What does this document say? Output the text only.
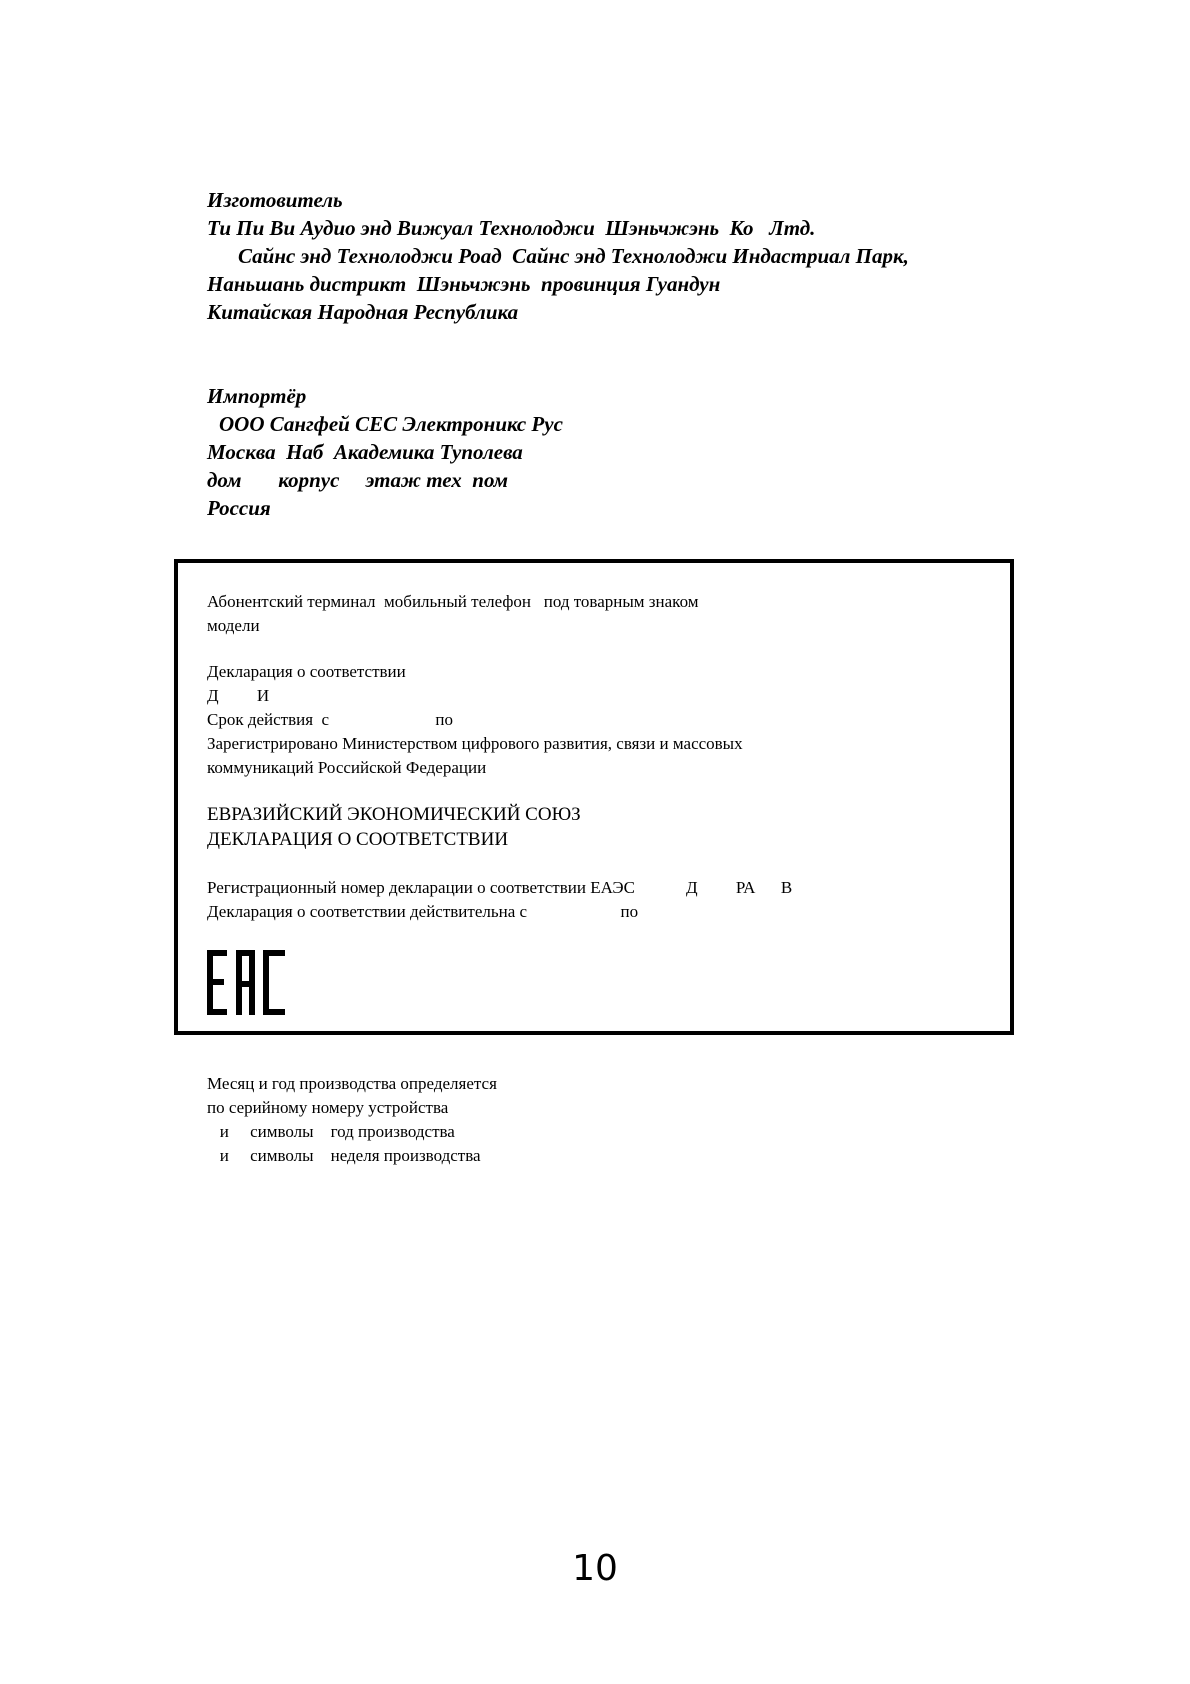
Изготовитель

Ти Пи Ви Аудио энд Вижуал Технолоджи  Шэньчжэнь  Ко   Лтд.

Сайнс энд Технолоджи Роад  Сайнс энд Технолоджи Индастриал Парк,

Наньшань дистрикт  Шэньчжэнь  провинция Гуандун

Китайская Народная Республика

Импортёр

ООО Сангфей СЕС Электроникс Рус

Москва  Наб  Академика Туполева

дом       корпус     этаж тех  пом

Россия

Абонентский терминал  мобильный телефон   под товарным знаком

модели

Декларация о соответствии

Д         И

Срок действия  с                         по

Зарегистрировано Министерством цифрового развития, связи и массовых

коммуникаций Российской Федерации

ЕВРАЗИЙСКИЙ ЭКОНОМИЧЕСКИЙ СОЮЗ

ДЕКЛАРАЦИЯ О СООТВЕТСТВИИ

Регистрационный номер декларации о соответствии ЕАЭС            Д         РА      В

Декларация о соответствии действительна с                      по

Месяц и год производства определяется

по серийному номеру устройства

и     символы    год производства

и     символы    неделя производства

10
